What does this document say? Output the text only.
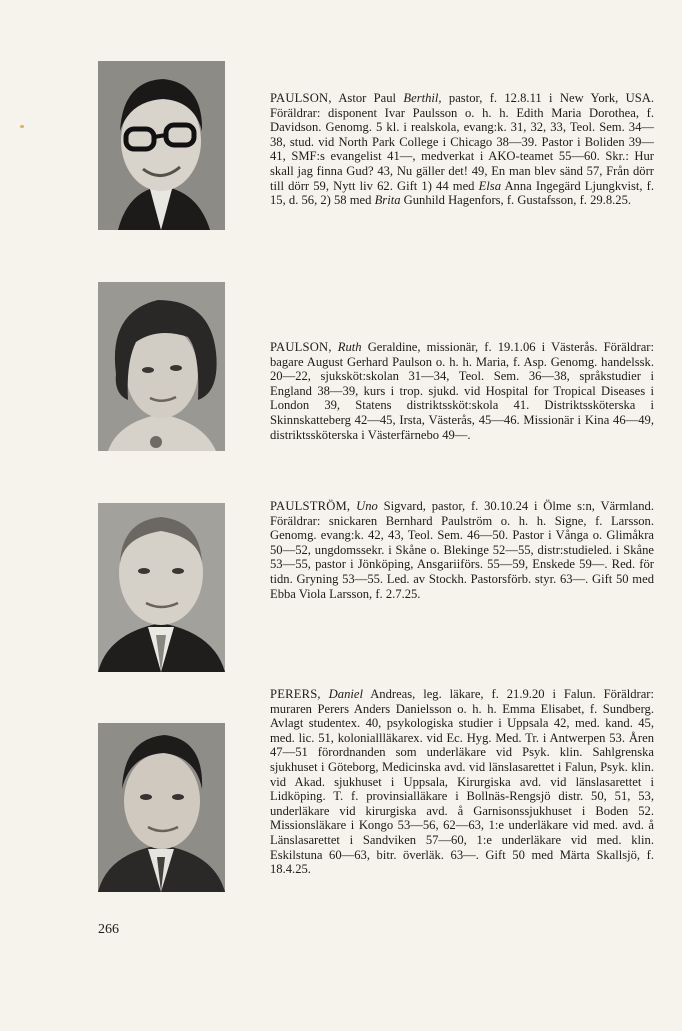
PAULSON, Astor Paul Berthil, pastor, f. 12.8.11 i New York, USA. Föräldrar: disponent Ivar Paulsson o. h. h. Edith Maria Dorothea, f. Davidson. Genomg. 5 kl. i realskola, evang:k. 31, 32, 33, Teol. Sem. 34—38, stud. vid North Park College i Chicago 38—39. Pastor i Boliden 39—41, SMF:s evangelist 41—, medverkat i AKO-teamet 55—60. Skr.: Hur skall jag finna Gud? 43, Nu gäller det! 49, En man blev sänd 57, Från dörr till dörr 59, Nytt liv 62. Gift 1) 44 med Elsa Anna Ingegärd Ljungkvist, f. 15, d. 56, 2) 58 med Brita Gunhild Hagenfors, f. Gustafsson, f. 29.8.25.

PAULSON, Ruth Geraldine, missionär, f. 19.1.06 i Västerås. Föräldrar: bagare August Gerhard Paulson o. h. h. Maria, f. Asp. Genomg. handelssk. 20—22, sjuksköt:skolan 31—34, Teol. Sem. 36—38, språkstudier i England 38—39, kurs i trop. sjukd. vid Hospital for Tropical Diseases i London 39, Statens distriktssköt:skola 41. Distriktssköterska i Skinnskatteberg 42—45, Irsta, Västerås, 45—46. Missionär i Kina 46—49, distriktssköterska i Västerfärnebo 49—.

PAULSTRÖM, Uno Sigvard, pastor, f. 30.10.24 i Ölme s:n, Värmland. Föräldrar: snickaren Bernhard Paulström o. h. h. Signe, f. Larsson. Genomg. evang:k. 42, 43, Teol. Sem. 46—50. Pastor i Vånga o. Glimåkra 50—52, ungdomssekr. i Skåne o. Blekinge 52—55, distr:studieled. i Skåne 53—55, pastor i Jönköping, Ansgariiförs. 55—59, Enskede 59—. Red. för tidn. Gryning 53—55. Led. av Stockh. Pastorsförb. styr. 63—. Gift 50 med Ebba Viola Larsson, f. 2.7.25.

PERERS, Daniel Andreas, leg. läkare, f. 21.9.20 i Falun. Föräldrar: muraren Perers Anders Danielsson o. h. h. Emma Elisabet, f. Sundberg. Avlagt studentex. 40, psykologiska studier i Uppsala 42, med. kand. 45, med. lic. 51, koloniallläkarex. vid Ec. Hyg. Med. Tr. i Antwerpen 53. Åren 47—51 förordnanden som underläkare vid Psyk. klin. Sahlgrenska sjukhuset i Göteborg, Medicinska avd. vid länslasarettet i Falun, Psyk. klin. vid Akad. sjukhuset i Uppsala, Kirurgiska avd. vid länslasarettet i Lidköping. T. f. provinsialläkare i Bollnäs-Rengsjö distr. 50, 51, 53, underläkare vid kirurgiska avd. å Garnisonssjukhuset i Boden 52. Missionsläkare i Kongo 53—56, 62—63, 1:e underläkare vid med. avd. å Länslasarettet i Sandviken 57—60, 1:e underläkare vid med. klin. Eskilstuna 60—63, bitr. överläk. 63—. Gift 50 med Märta Skallsjö, f. 18.4.25.

266
